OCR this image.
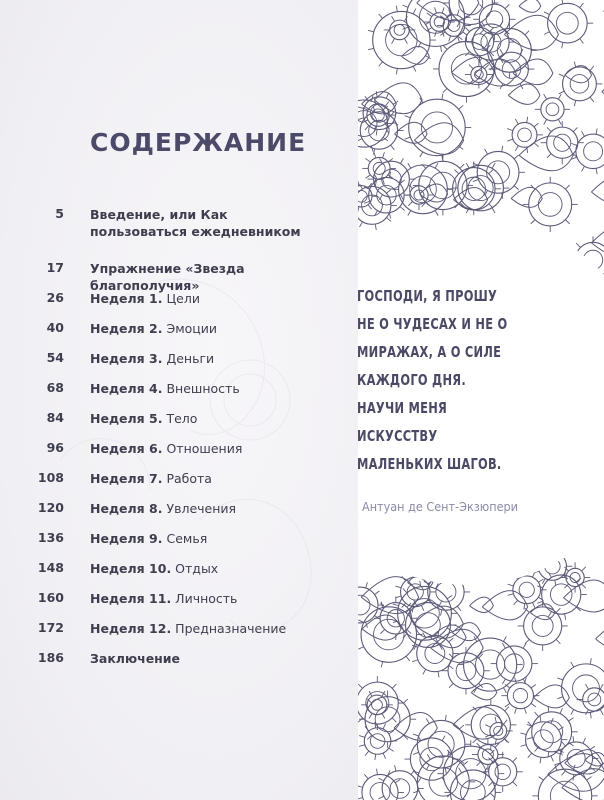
СОДЕРЖАНИЕ
5 Введение, или Как пользоваться ежедневником
17 Упражнение «Звезда благополучия»
26 Неделя 1. Цели
40 Неделя 2. Эмоции
54 Неделя 3. Деньги
68 Неделя 4. Внешность
84 Неделя 5. Тело
96 Неделя 6. Отношения
108 Неделя 7. Работа
120 Неделя 8. Увлечения
136 Неделя 9. Семья
148 Неделя 10. Отдых
160 Неделя 11. Личность
172 Неделя 12. Предназначение
186 Заключение
ГОСПОДИ, Я ПРОШУ НЕ О ЧУДЕСАХ И НЕ О МИРАЖАХ, А О СИЛЕ КАЖДОГО ДНЯ. НАУЧИ МЕНЯ ИСКУССТВУ МАЛЕНЬКИХ ШАГОВ.
Антуан де Сент-Экзюпери
